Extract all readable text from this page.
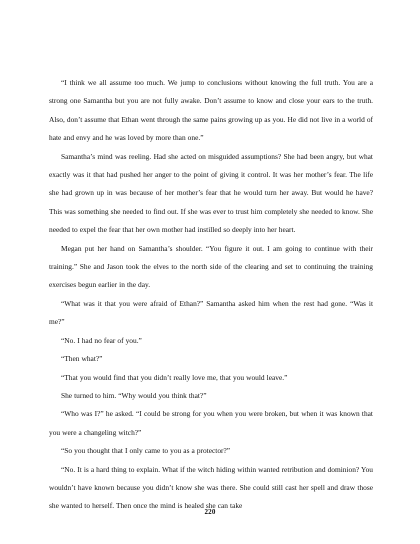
“I think we all assume too much. We jump to conclusions without knowing the full truth. You are a strong one Samantha but you are not fully awake. Don’t assume to know and close your ears to the truth. Also, don’t assume that Ethan went through the same pains growing up as you. He did not live in a world of hate and envy and he was loved by more than one.”

Samantha’s mind was reeling. Had she acted on misguided assumptions? She had been angry, but what exactly was it that had pushed her anger to the point of giving it control. It was her mother’s fear. The life she had grown up in was because of her mother’s fear that he would turn her away. But would he have? This was something she needed to find out. If she was ever to trust him completely she needed to know. She needed to expel the fear that her own mother had instilled so deeply into her heart.

Megan put her hand on Samantha’s shoulder. “You figure it out. I am going to continue with their training.” She and Jason took the elves to the north side of the clearing and set to continuing the training exercises begun earlier in the day.

“What was it that you were afraid of Ethan?” Samantha asked him when the rest had gone. “Was it me?”

“No. I had no fear of you.”

“Then what?”

“That you would find that you didn’t really love me, that you would leave.”

She turned to him. “Why would you think that?”

“Who was I?” he asked. “I could be strong for you when you were broken, but when it was known that you were a changeling witch?”

“So you thought that I only came to you as a protector?”

“No. It is a hard thing to explain. What if the witch hiding within wanted retribution and dominion? You wouldn’t have known because you didn’t know she was there. She could still cast her spell and draw those she wanted to herself. Then once the mind is healed she can take

220
